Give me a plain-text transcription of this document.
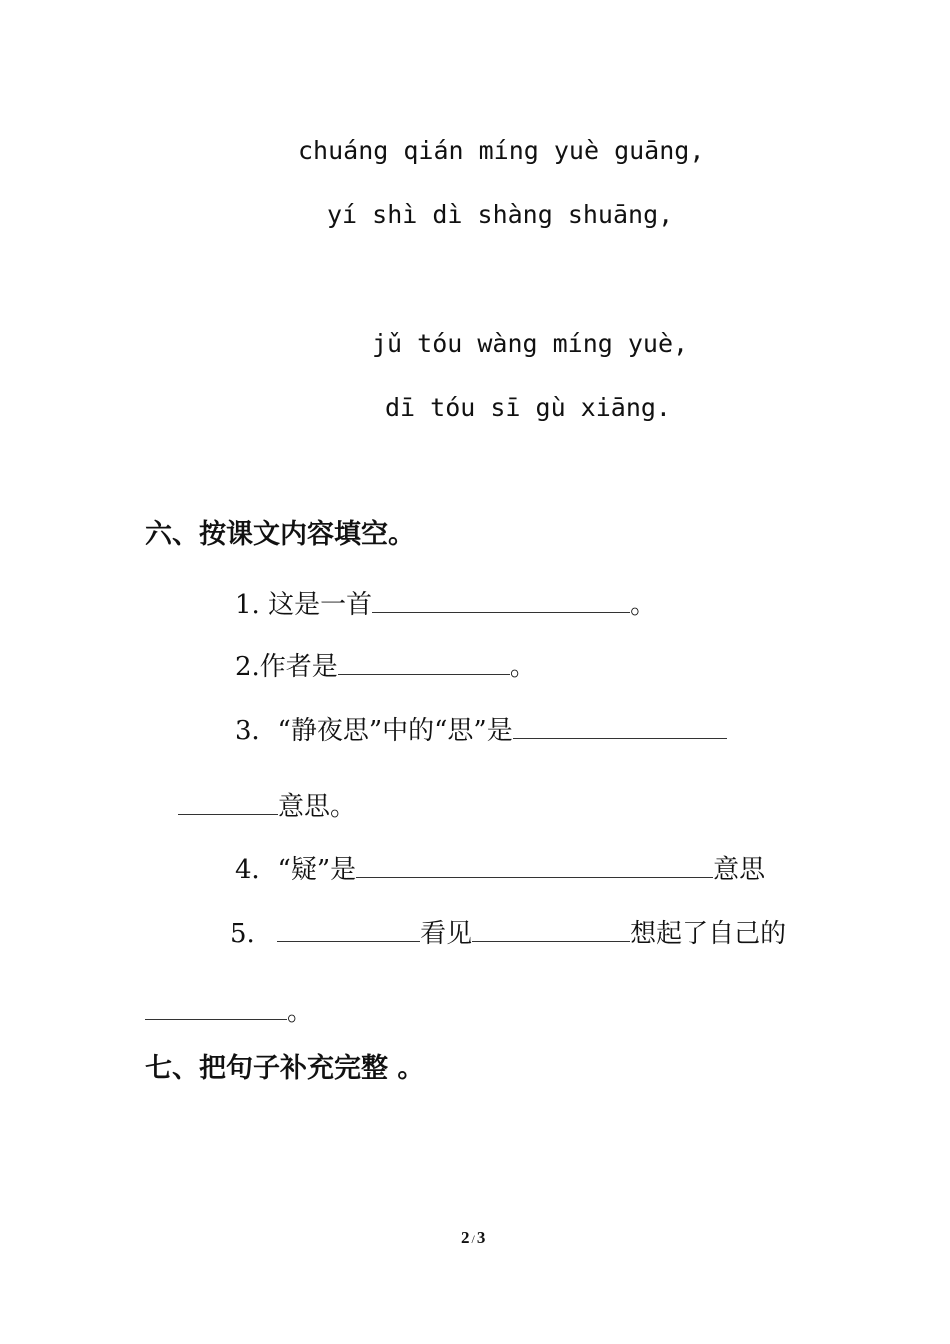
chuáng qián míng yuè guāng,
yí shì dì shàng shuāng,
jǔ tóu wàng míng yuè,
dī tóu sī gù xiāng.
六、按课文内容填空。
1. 这是一首	。
2.作者是	。
3．“静夜思”中的“思”是
意思。
4．“疑”是	意思
5.	看见	想起了自己的
。
七、把句子补充完整 。
2 / 3
